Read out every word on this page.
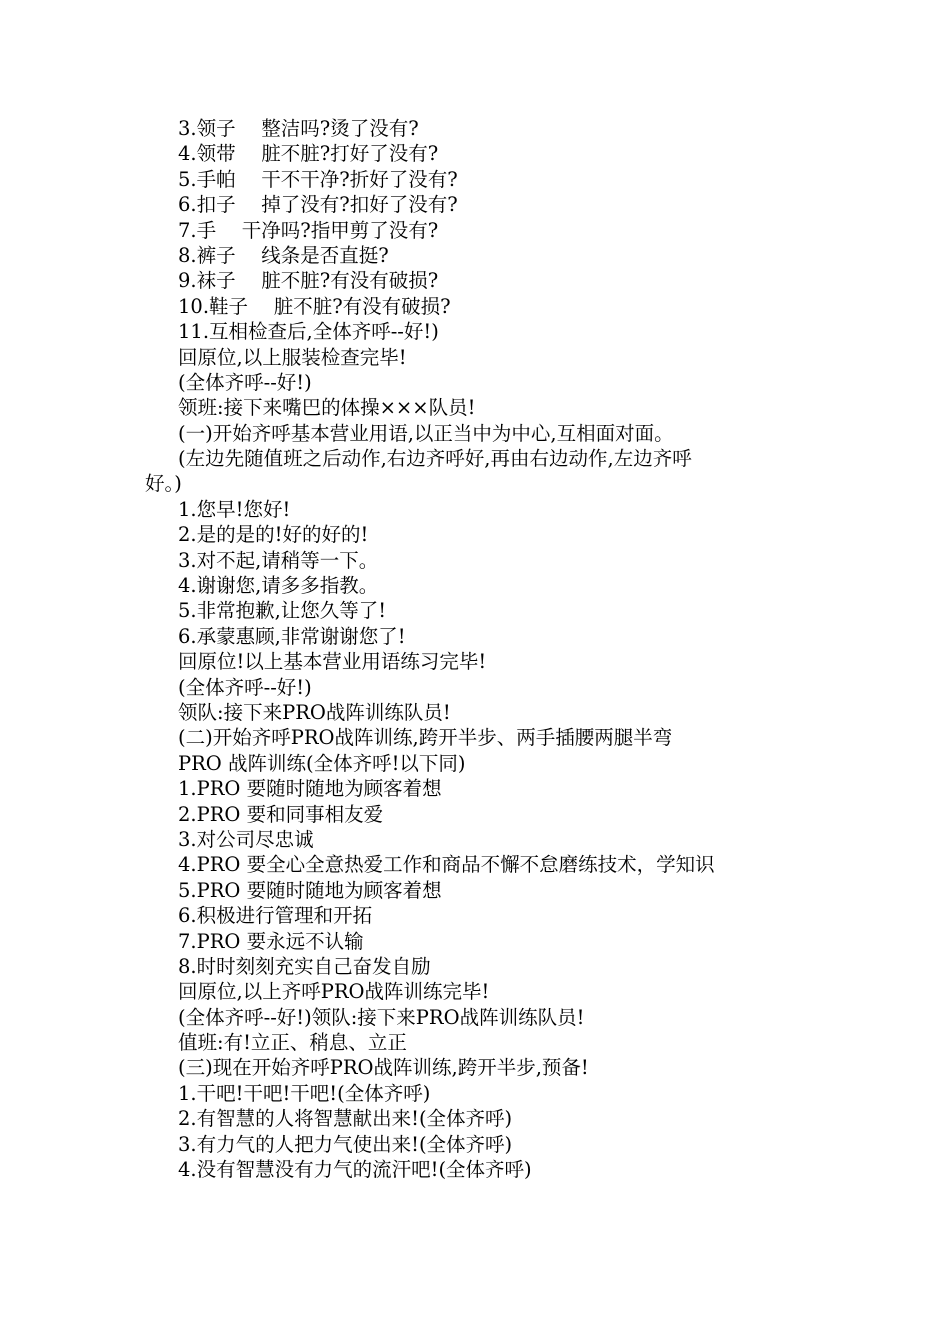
3.领子　 整洁吗?烫了没有?
4.领带　 脏不脏?打好了没有?
5.手帕　 干不干净?折好了没有?
6.扣子　 掉了没有?扣好了没有?
7.手　 干净吗?指甲剪了没有?
8.裤子　 线条是否直挺?
9.袜子　 脏不脏?有没有破损?
10.鞋子　 脏不脏?有没有破损?
11.互相检查后,全体齐呼--好!)
回原位,以上服装检查完毕!
(全体齐呼--好!)
领班:接下来嘴巴的体操×××队员!
(一)开始齐呼基本营业用语,以正当中为中心,互相面对面。
(左边先随值班之后动作,右边齐呼好,再由右边动作,左边齐呼
好。)
1.您早!您好!
2.是的是的!好的好的!
3.对不起,请稍等一下。
4.谢谢您,请多多指教。
5.非常抱歉,让您久等了!
6.承蒙惠顾,非常谢谢您了!
回原位!以上基本营业用语练习完毕!
(全体齐呼--好!)
领队:接下来PRO战阵训练队员!
(二)开始齐呼PRO战阵训练,跨开半步、两手插腰两腿半弯
PRO 战阵训练(全体齐呼!以下同)
1.PRO 要随时随地为顾客着想
2.PRO 要和同事相友爱
3.对公司尽忠诚
4.PRO 要全心全意热爱工作和商品不懈不怠磨练技术，学知识
5.PRO 要随时随地为顾客着想
6.积极进行管理和开拓
7.PRO 要永远不认输
8.时时刻刻充实自己奋发自励
回原位,以上齐呼PRO战阵训练完毕!
(全体齐呼--好!)领队:接下来PRO战阵训练队员!
值班:有!立正、稍息、立正
(三)现在开始齐呼PRO战阵训练,跨开半步,预备!
1.干吧!干吧!干吧!(全体齐呼)
2.有智慧的人将智慧献出来!(全体齐呼)
3.有力气的人把力气使出来!(全体齐呼)
4.没有智慧没有力气的流汗吧!(全体齐呼)
